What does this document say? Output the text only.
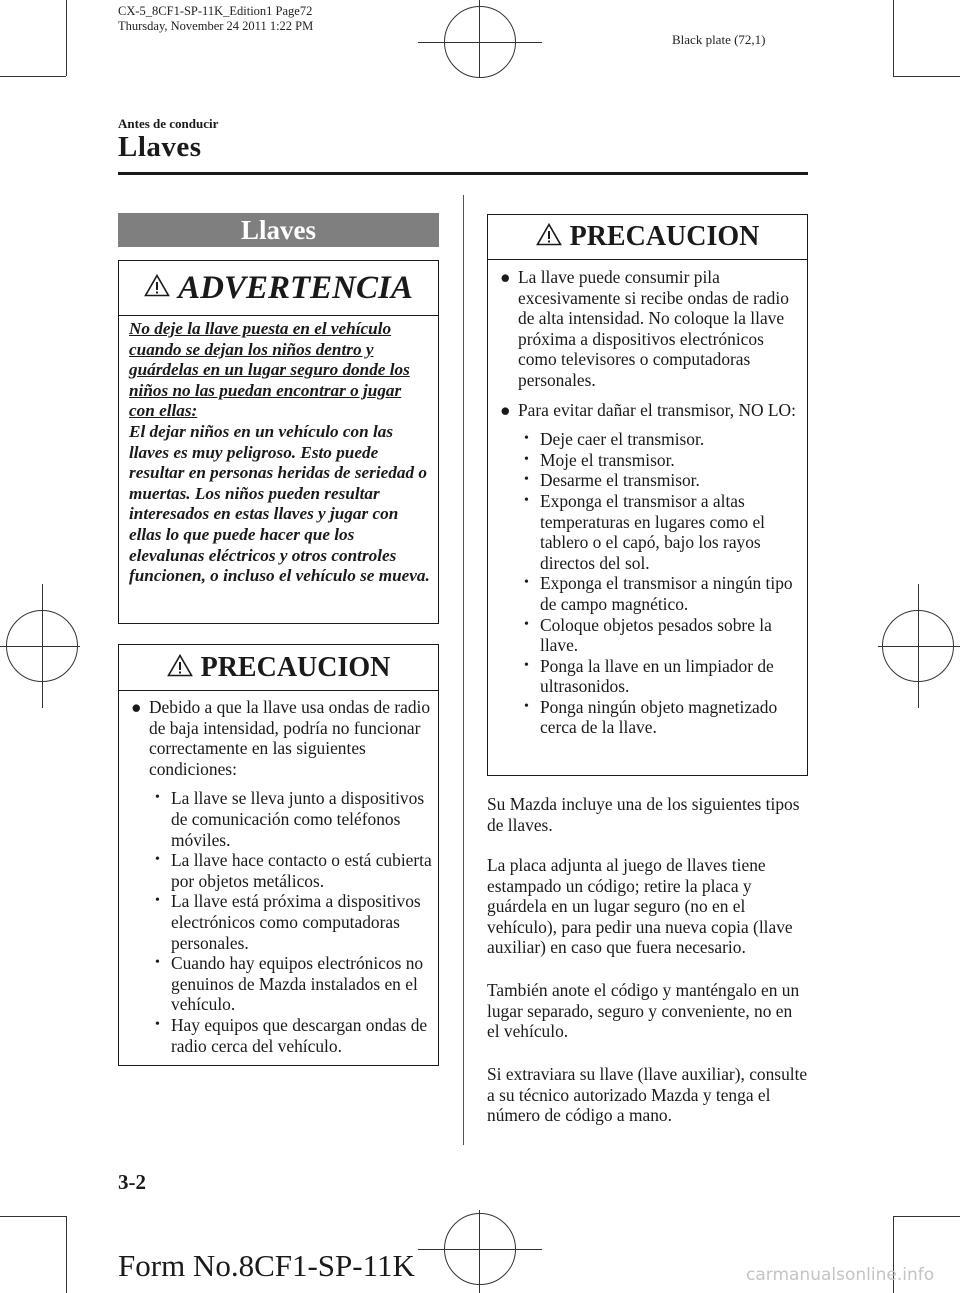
CX-5_8CF1-SP-11K_Edition1 Page72
Thursday, November 24 2011 1:22 PM
Black plate (72,1)
Antes de conducir
Llaves
Llaves
ADVERTENCIA
No deje la llave puesta en el vehículo cuando se dejan los niños dentro y guárdelas en un lugar seguro donde los niños no las puedan encontrar o jugar con ellas:
El dejar niños en un vehículo con las llaves es muy peligroso. Esto puede resultar en personas heridas de seriedad o muertas. Los niños pueden resultar interesados en estas llaves y jugar con ellas lo que puede hacer que los elevalunas eléctricos y otros controles funcionen, o incluso el vehículo se mueva.
PRECAUCION
● Debido a que la llave usa ondas de radio de baja intensidad, podría no funcionar correctamente en las siguientes condiciones:
• La llave se lleva junto a dispositivos de comunicación como teléfonos móviles.
• La llave hace contacto o está cubierta por objetos metálicos.
• La llave está próxima a dispositivos electrónicos como computadoras personales.
• Cuando hay equipos electrónicos no genuinos de Mazda instalados en el vehículo.
• Hay equipos que descargan ondas de radio cerca del vehículo.
PRECAUCION
● La llave puede consumir pila excesivamente si recibe ondas de radio de alta intensidad. No coloque la llave próxima a dispositivos electrónicos como televisores o computadoras personales.
● Para evitar dañar el transmisor, NO LO:
• Deje caer el transmisor.
• Moje el transmisor.
• Desarme el transmisor.
• Exponga el transmisor a altas temperaturas en lugares como el tablero o el capó, bajo los rayos directos del sol.
• Exponga el transmisor a ningún tipo de campo magnético.
• Coloque objetos pesados sobre la llave.
• Ponga la llave en un limpiador de ultrasonidos.
• Ponga ningún objeto magnetizado cerca de la llave.
Su Mazda incluye una de los siguientes tipos de llaves.
La placa adjunta al juego de llaves tiene estampado un código; retire la placa y guárdela en un lugar seguro (no en el vehículo), para pedir una nueva copia (llave auxiliar) en caso que fuera necesario.
También anote el código y manténgalo en un lugar separado, seguro y conveniente, no en el vehículo.
Si extraviara su llave (llave auxiliar), consulte a su técnico autorizado Mazda y tenga el número de código a mano.
3-2
Form No.8CF1-SP-11K	carmanualsonline.info
